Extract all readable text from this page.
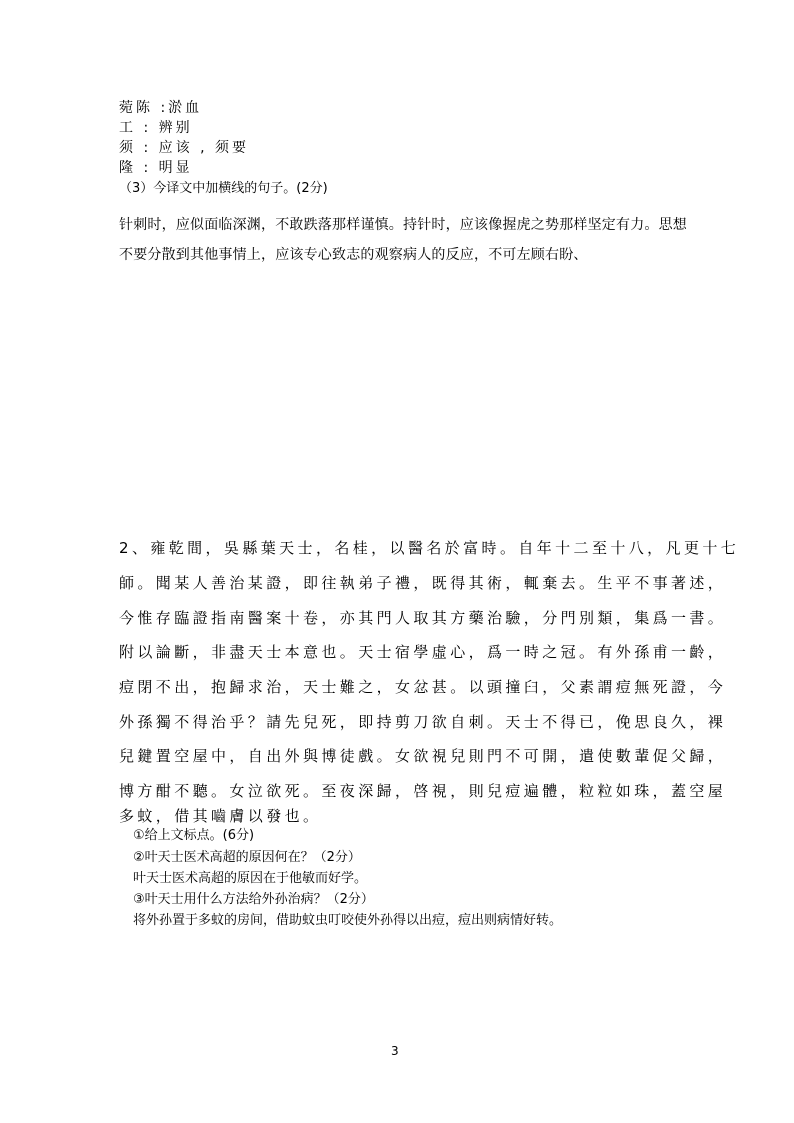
菀陈 :淤血
工 : 辨别
须 : 应该 , 须要
隆 : 明显
（3）今译文中加横线的句子。(2分)
针刺时，应似面临深渊，不敢跌落那样谨慎。持针时，应该像握虎之势那样坚定有力。思想
不要分散到其他事情上，应该专心致志的观察病人的反应，不可左顾右盼、
2、雍乾間，吳縣葉天士，名桂，以醫名於富時。自年十二至十八，凡更十七
師。聞某人善治某證，即往執弟子禮，既得其術，輒棄去。生平不事著述，
今惟存臨證指南醫案十卷，亦其門人取其方藥治驗，分門別類，集爲一書。
附以論斷，非盡天士本意也。天士宿學虛心，爲一時之冠。有外孫甫一齡，
痘閉不出，抱歸求治，天士難之，女忿甚。以頭撞臼，父素謂痘無死證，今
外孫獨不得治乎？請先兒死，即持剪刀欲自刺。天士不得已，俛思良久，裸
兒鍵置空屋中，自出外與博徒戲。女欲視兒則門不可開，遣使數輩促父歸，
博方酣不聽。女泣欲死。至夜深歸，啓視，則兒痘遍體，粒粒如珠，蓋空屋
多蚊，借其嚙膚以發也。
①给上文标点。(6分)
②叶天士医术高超的原因何在？（2分）
叶天士医术高超的原因在于他敏而好学。
③叶天士用什么方法给外孙治病？（2分）
将外孙置于多蚊的房间，借助蚊虫叮咬使外孙得以出痘，痘出则病情好转。
3
